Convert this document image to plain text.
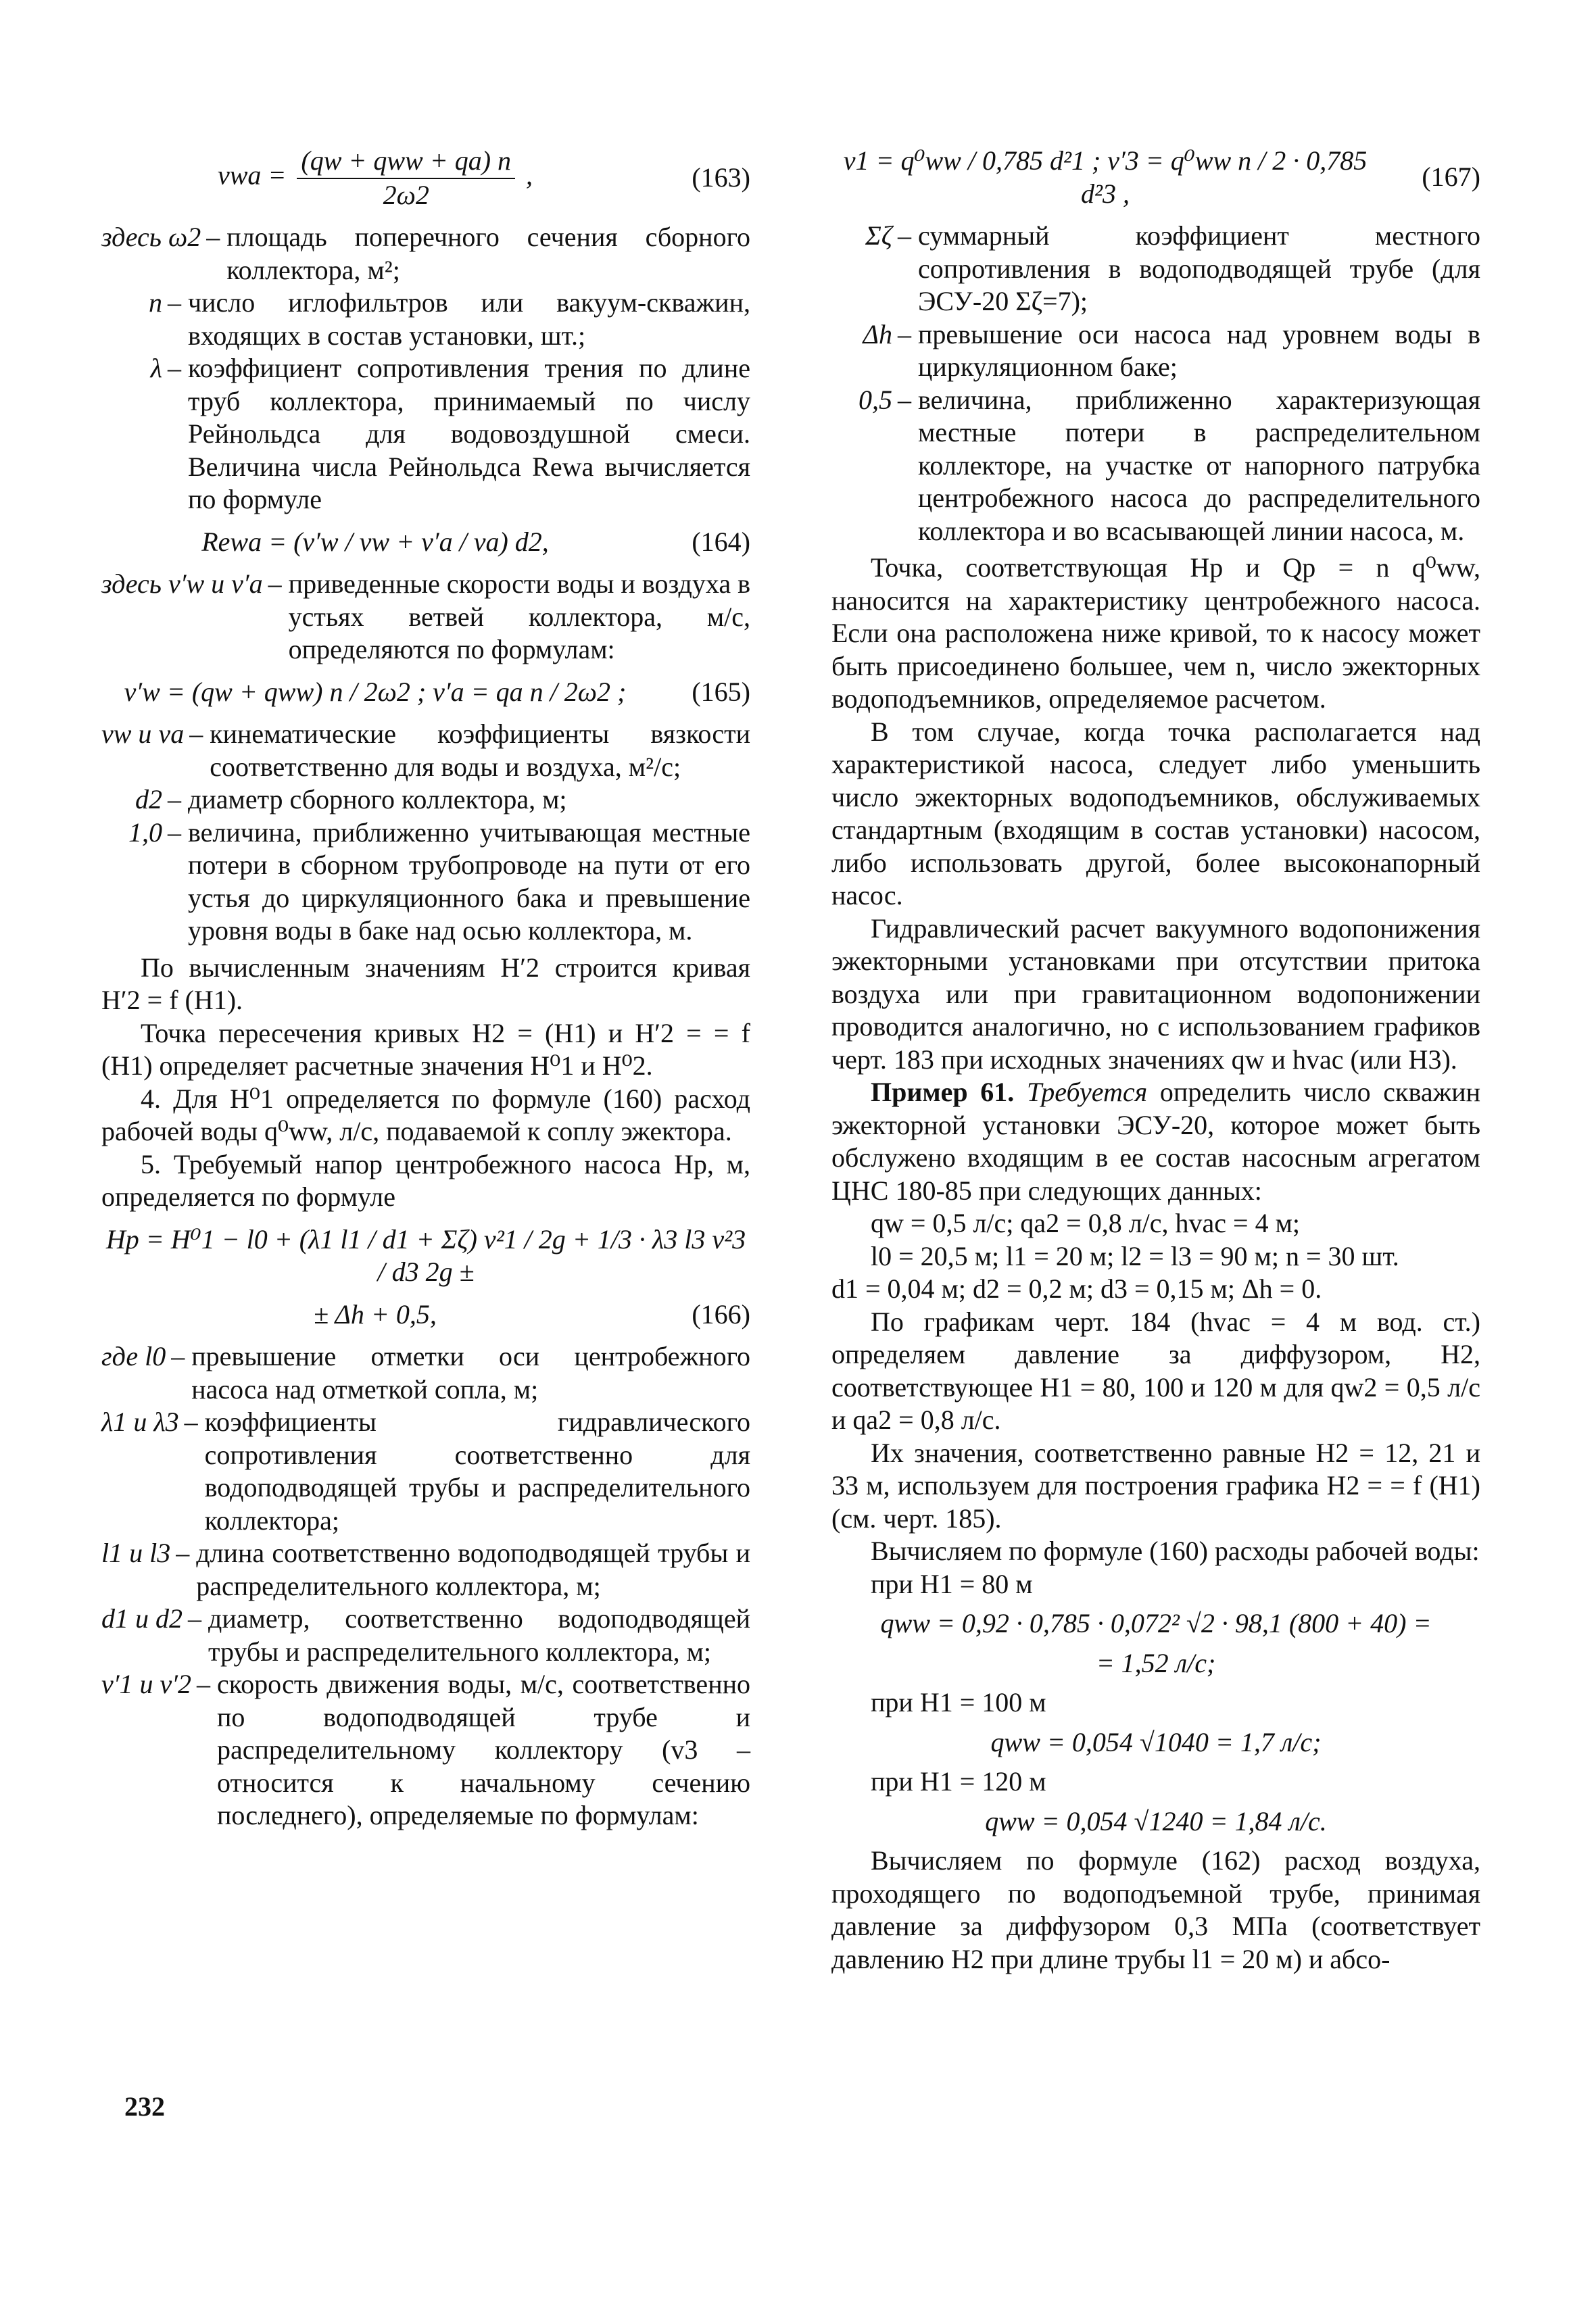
vwa = $\frac{\text{(qw + qww + qa) n}}{2\omega 2}$ ,	(163)
здесь ω2 – площадь поперечного сечения сборного коллектора, м²;
n – число иглофильтров или вакуум-скважин, входящих в состав установки, шт.;
λ – коэффициент сопротивления трения по длине труб коллектора, принимаемый по числу Рейнольдса для водовоздушной смеси. Величина числа Рейнольдса Rewa вычисляется по формуле
Rewa = (v′w / vw + v′a / va) d2,	(164)
здесь v′w и v′a – приведенные скорости воды и воздуха в устьях ветвей коллектора, м/с, определяются по формулам:
v′w = (qw + qww) n / 2ω2 ; v′a = qa n / 2ω2 ;	(165)
vw и va – кинематические коэффициенты вязкости соответственно для воды и воздуха, м²/с;
d2 – диаметр сборного коллектора, м;
1,0 – величина, приближенно учитывающая местные потери в сборном трубопроводе на пути от его устья до циркуляционного бака и превышение уровня воды в баке над осью коллектора, м.

По вычисленным значениям H′2 строится кривая H′2 = f (H1).

Точка пересечения кривых H2 = (H1) и H′2 = = f (H1) определяет расчетные значения H⁰1 и H⁰2.

4. Для H⁰1 определяется по формуле (160) расход рабочей воды q⁰ww, л/с, подаваемой к соплу эжектора.

5. Требуемый напор центробежного насоса Hp, м, определяется по формуле

Hp = H⁰1 − l0 + (λ1 l1 / d1 + Σζ) v²1 / 2g + 1/3 · λ3 l3 v²3 / d3 2g ±
± Δh + 0,5,	(166)
где l0 – превышение отметки оси центробежного насоса над отметкой сопла, м;
λ1 и λ3 – коэффициенты гидравлического сопротивления соответственно для водоподводящей трубы и распределительного коллектора;
l1 и l3 – длина соответственно водоподводящей трубы и распределительного коллектора, м;
d1 и d2 – диаметр, соответственно водоподводящей трубы и распределительного коллектора, м;
v′1 и v′2 – скорость движения воды, м/с, соответственно по водоподводящей трубе и распределительному коллектору (v3 – относится к начальному сечению последнего), определяемые по формулам:
v1 = q⁰ww / 0,785 d²1 ; v′3 = q⁰ww n / 2 · 0,785 d²3 ,
(167)
Σζ – суммарный коэффициент местного сопротивления в водоподводящей трубе (для ЭСУ-20 Σζ=7);
Δh – превышение оси насоса над уровнем воды в циркуляционном баке;
0,5 – величина, приближенно характеризующая местные потери в распределительном коллекторе, на участке от напорного патрубка центробежного насоса до распределительного коллектора и во всасывающей линии насоса, м.

Точка, соответствующая Hp и Qp = n q⁰ww, наносится на характеристику центробежного насоса. Если она расположена ниже кривой, то к насосу может быть присоединено большее, чем n, число эжекторных водоподъемников, определяемое расчетом.

В том случае, когда точка располагается над характеристикой насоса, следует либо уменьшить число эжекторных водоподъемников, обслуживаемых стандартным (входящим в состав установки) насосом, либо использовать другой, более высоконапорный насос.

Гидравлический расчет вакуумного водопонижения эжекторными установками при отсутствии притока воздуха или при гравитационном водопонижении проводится аналогично, но с использованием графиков черт. 183 при исходных значениях qw и hvac (или H3).

Пример 61. Требуется определить число скважин эжекторной установки ЭСУ-20, которое может быть обслужено входящим в ее состав насосным агрегатом ЦНС 180-85 при следующих данных:

qw = 0,5 л/с; qa2 = 0,8 л/с, hvac = 4 м;

l0 = 20,5 м; l1 = 20 м; l2 = l3 = 90 м; n = 30 шт.

d1 = 0,04 м; d2 = 0,2 м; d3 = 0,15 м; Δh = 0.

По графикам черт. 184 (hvac = 4 м вод. ст.) определяем давление за диффузором, H2, соответствующее H1 = 80, 100 и 120 м для qw2 = 0,5 л/с и qa2 = 0,8 л/с.

Их значения, соответственно равные H2 = 12, 21 и 33 м, используем для построения графика H2 = = f (H1) (см. черт. 185).

Вычисляем по формуле (160) расходы рабочей воды:

при H1 = 80 м

qww = 0,92 · 0,785 · 0,072² √2 · 98,1 (800 + 40) =
= 1,52 л/с;

при H1 = 100 м

qww = 0,054 √1040 = 1,7 л/с;

при H1 = 120 м

qww = 0,054 √1240 = 1,84 л/с.

Вычисляем по формуле (162) расход воздуха, проходящего по водоподъемной трубе, принимая давление за диффузором 0,3 МПа (соответствует давлению H2 при длине трубы l1 = 20 м) и абсо-

232
